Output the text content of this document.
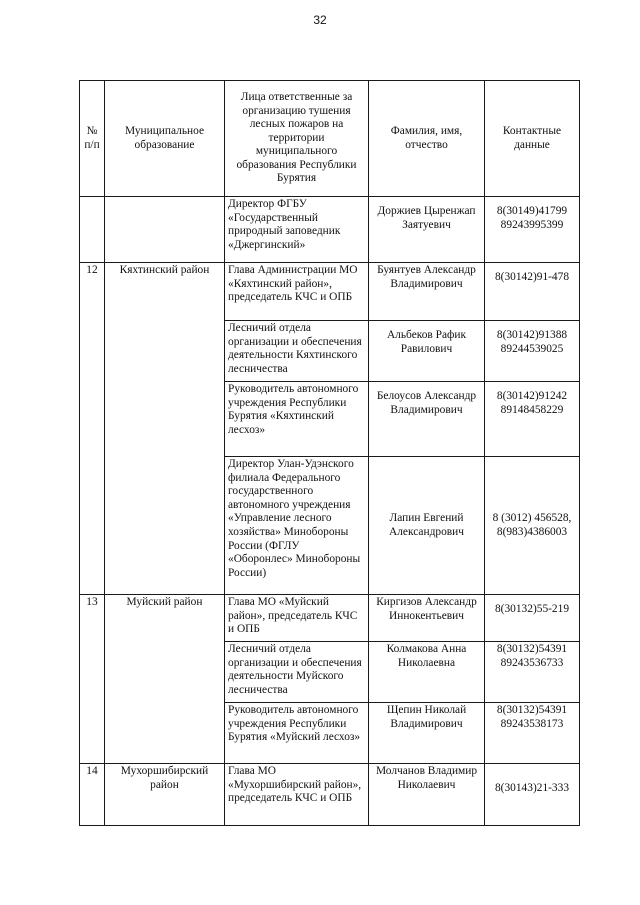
32
№ п/п	Муниципальное образование	Лица ответственные за организацию тушения лесных пожаров на территории муниципального образования Республики Бурятия	Фамилия, имя, отчество	Контактные данные
		Директор ФГБУ «Государственный природный заповедник «Джергинский»	Доржиев Цыренжап Заятуевич	8(30149)41799 89243995399
12	Кяхтинский район	Глава Администрации МО «Кяхтинский район», председатель КЧС и ОПБ	Буянтуев Александр Владимирович	8(30142)91-478
		Лесничий отдела организации и обеспечения деятельности Кяхтинского лесничества	Альбеков Рафик Равилович	8(30142)91388 89244539025
		Руководитель автономного учреждения Республики Бурятия «Кяхтинский лесхоз»	Белоусов Александр Владимирович	8(30142)91242 89148458229
		Директор Улан-Удэнского филиала Федерального государственного автономного учреждения «Управление лесного хозяйства» Минобороны России (ФГЛУ «Оборонлес» Минобороны России)	Лапин Евгений Александрович	8 (3012) 456528, 8(983)4386003
13	Муйский район	Глава МО «Муйский район», председатель КЧС и ОПБ	Киргизов Александр Иннокентьевич	8(30132)55-219
		Лесничий отдела организации и обеспечения деятельности Муйского лесничества	Колмакова Анна Николаевна	8(30132)54391 89243536733
		Руководитель автономного учреждения Республики Бурятия «Муйский лесхоз»	Щепин Николай Владимирович	8(30132)54391 89243538173
14	Мухоршибирский район	Глава МО «Мухоршибирский район», председатель КЧС и ОПБ	Молчанов Владимир Николаевич	8(30143)21-333
